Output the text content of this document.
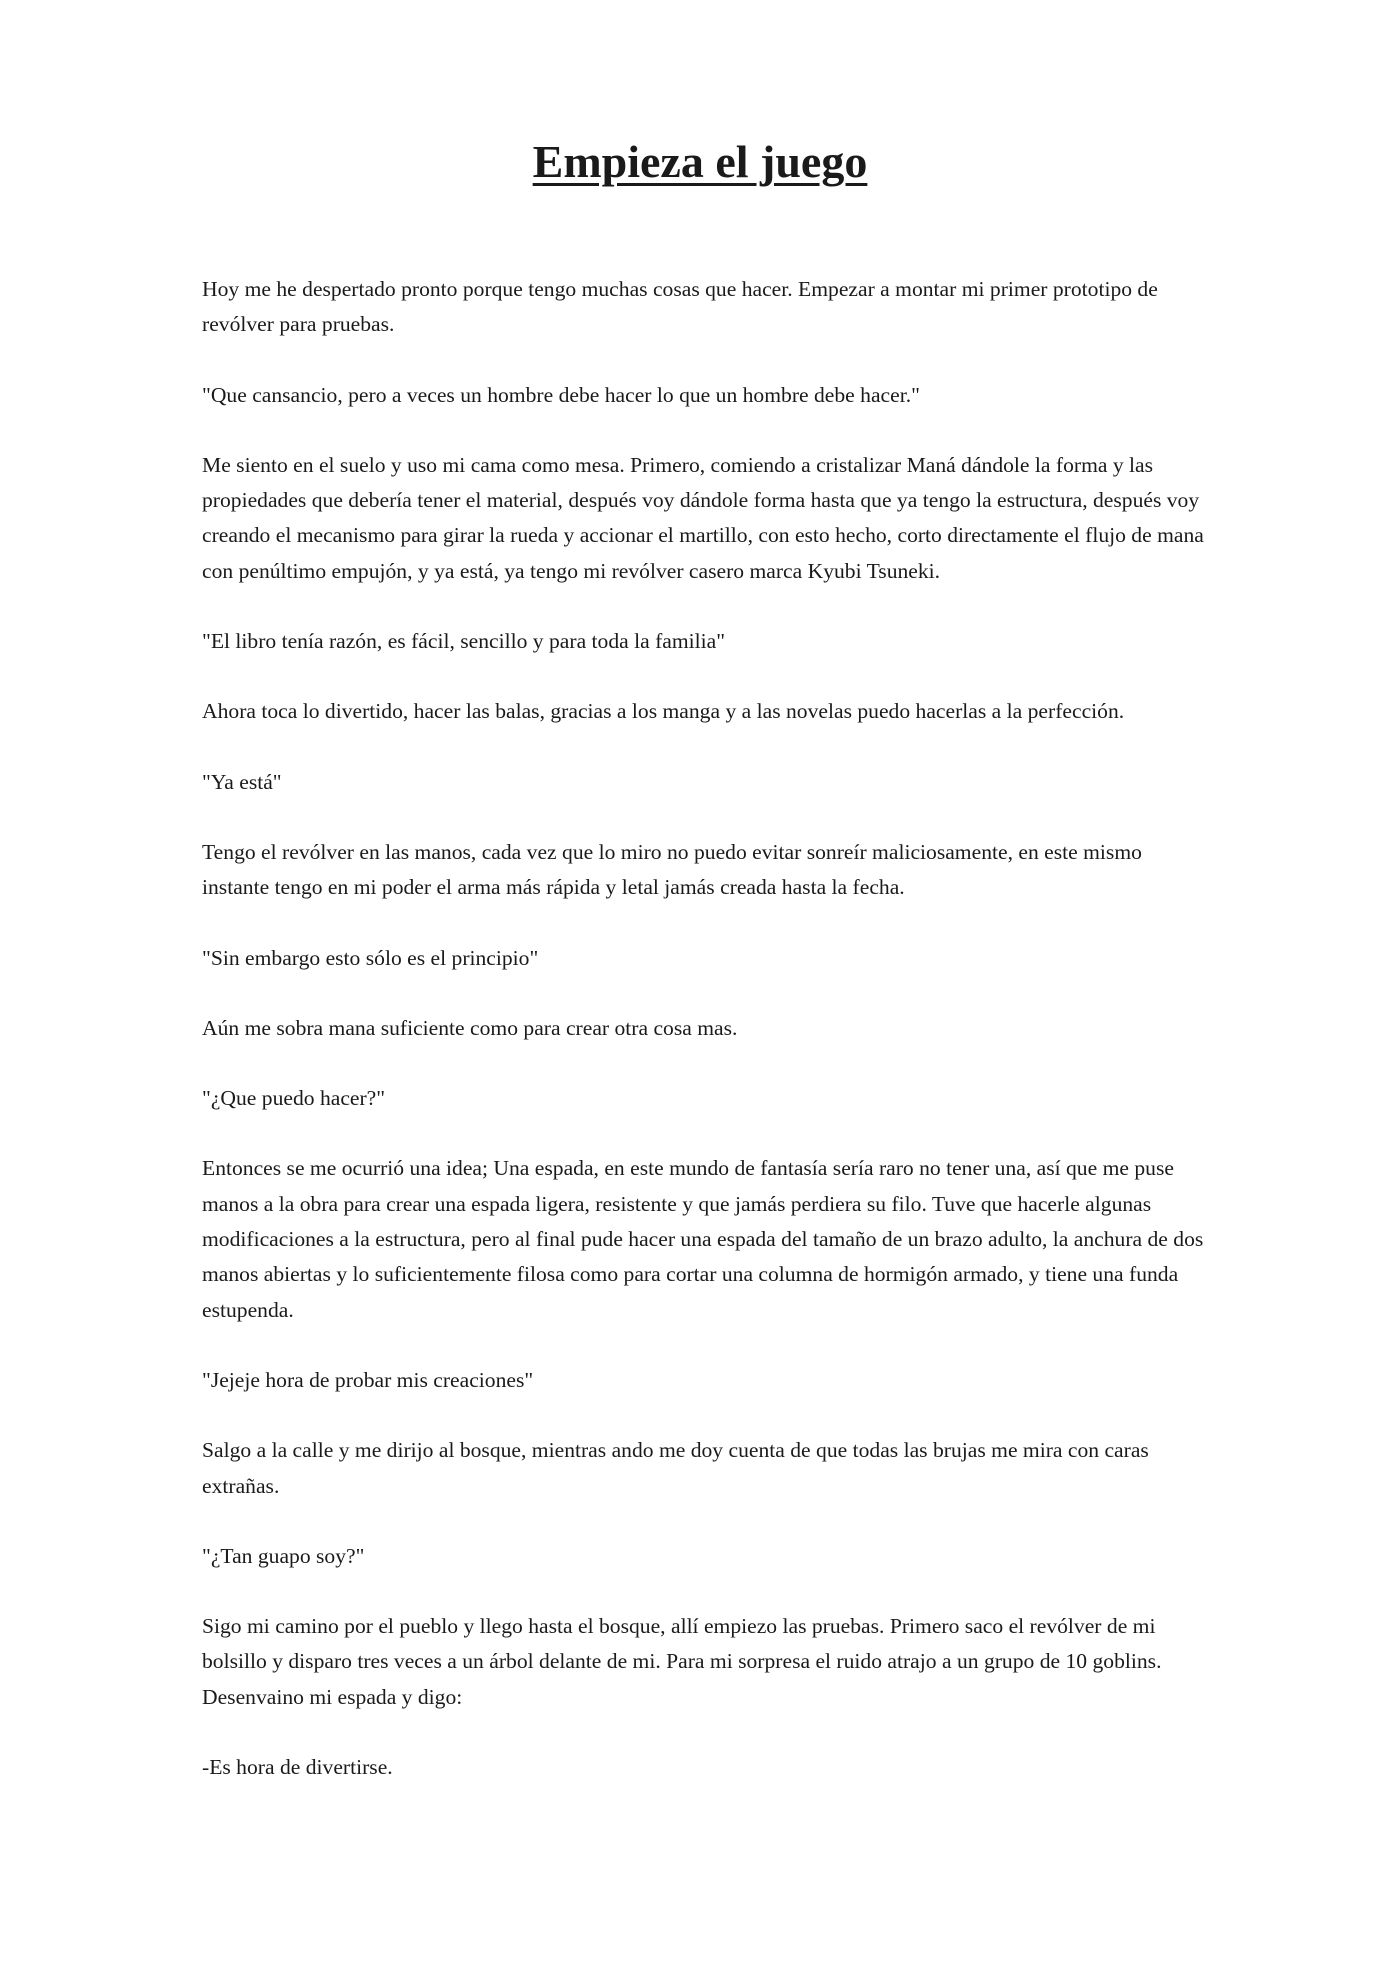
Empieza el juego

Hoy me he despertado pronto porque tengo muchas cosas que hacer. Empezar a montar mi primer prototipo de revólver para pruebas.

"Que cansancio, pero a veces un hombre debe hacer lo que un hombre debe hacer."

Me siento en el suelo y uso mi cama como mesa. Primero, comiendo a cristalizar Maná dándole la forma y las propiedades que debería tener el material, después voy dándole forma hasta que ya tengo la estructura, después voy creando el mecanismo para girar la rueda y accionar el martillo, con esto hecho, corto directamente el flujo de mana con penúltimo empujón, y ya está, ya tengo mi revólver casero marca Kyubi Tsuneki.

"El libro tenía razón, es fácil, sencillo y para toda la familia"

Ahora toca lo divertido, hacer las balas, gracias a los manga y a las novelas puedo hacerlas a la perfección.

"Ya está"

Tengo el revólver en las manos, cada vez que lo miro no puedo evitar sonreír maliciosamente, en este mismo instante tengo en mi poder el arma más rápida y letal jamás creada hasta la fecha.

"Sin embargo esto sólo es el principio"

Aún me sobra mana suficiente como para crear otra cosa mas.

"¿Que puedo hacer?"

Entonces se me ocurrió una idea; Una espada, en este mundo de fantasía sería raro no tener una, así que me puse manos a la obra para crear una espada ligera, resistente y que jamás perdiera su filo. Tuve que hacerle algunas modificaciones a la estructura, pero al final pude hacer una espada del tamaño de un brazo adulto, la anchura de dos manos abiertas y lo suficientemente filosa como para cortar una columna de hormigón armado, y tiene una funda estupenda.

"Jejeje hora de probar mis creaciones"

Salgo a la calle y me dirijo al bosque, mientras ando me doy cuenta de que todas las brujas me mira con caras extrañas.

"¿Tan guapo soy?"

Sigo mi camino por el pueblo y llego hasta el bosque, allí empiezo las pruebas. Primero saco el revólver de mi bolsillo y disparo tres veces a un árbol delante de mi. Para mi sorpresa el ruido atrajo a un grupo de 10 goblins. Desenvaino mi espada y digo:

-Es hora de divertirse.
